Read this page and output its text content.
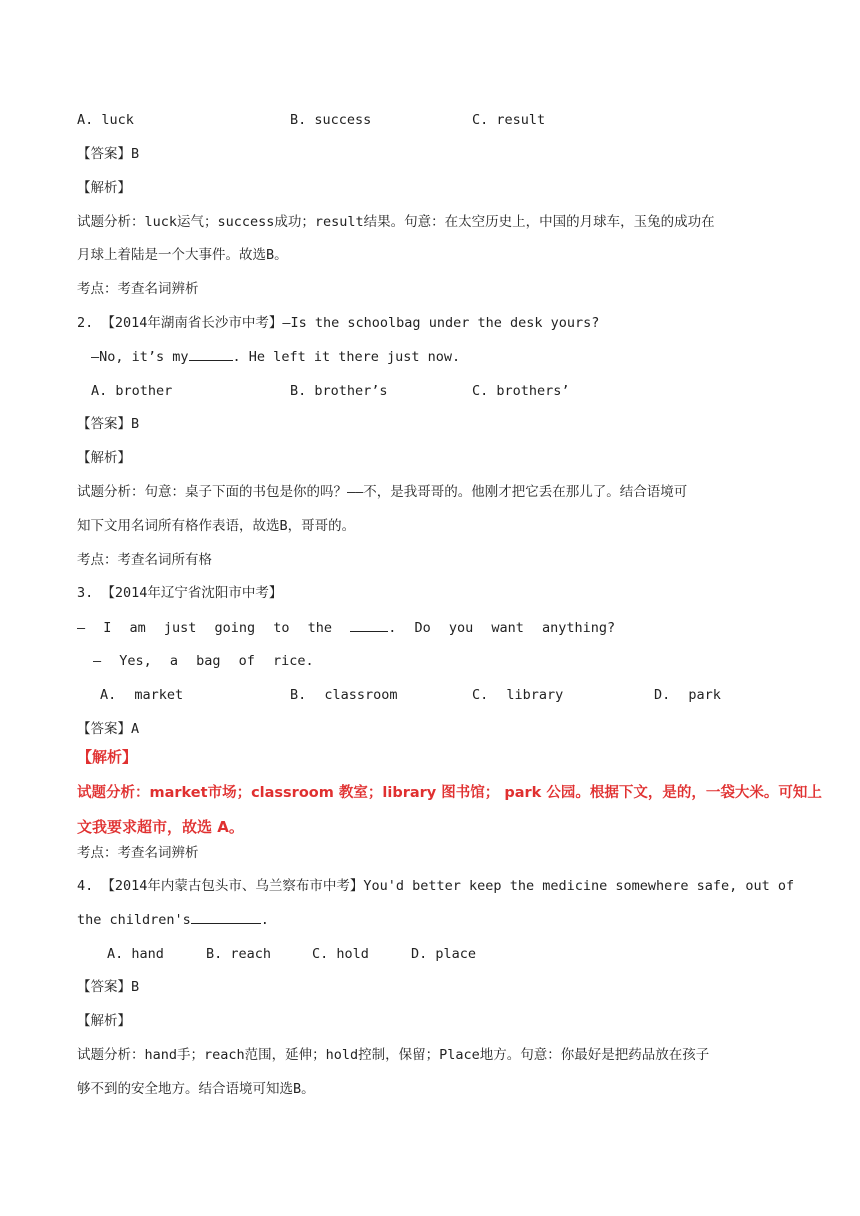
A. luck	B. success	C. result
【答案】B
【解析】
试题分析：luck运气；success成功；result结果。句意：在太空历史上，中国的月球车，玉兔的成功在
月球上着陆是一个大事件。故选B。
考点：考查名词辨析
2. 【2014年湖南省长沙市中考】—Is the schoolbag under the desk yours?
—No, it’s my	. He left it there just now.
A. brother	B. brother’s	C. brothers’
【答案】B
【解析】
试题分析：句意：桌子下面的书包是你的吗？——不，是我哥哥的。他刚才把它丢在那儿了。结合语境可
知下文用名词所有格作表语，故选B，哥哥的。
考点：考查名词所有格
3. 【2014年辽宁省沈阳市中考】
— I am just going to the	. Do you want anything?
— Yes, a bag of rice.
A. market	B. classroom	C. library	D. park
【答案】A
【解析】
试题分析：market市场；classroom 教室；library 图书馆； park 公园。根据下文，是的，一袋大米。可知上
文我要求超市，故选 A。
考点：考查名词辨析
4. 【2014年内蒙古包头市、乌兰察布市中考】You'd better keep the medicine somewhere safe, out of
the children's	.
A. hand	B. reach	C. hold	D. place
【答案】B
【解析】
试题分析：hand手；reach范围，延伸；hold控制，保留；Place地方。句意：你最好是把药品放在孩子
够不到的安全地方。结合语境可知选B。
